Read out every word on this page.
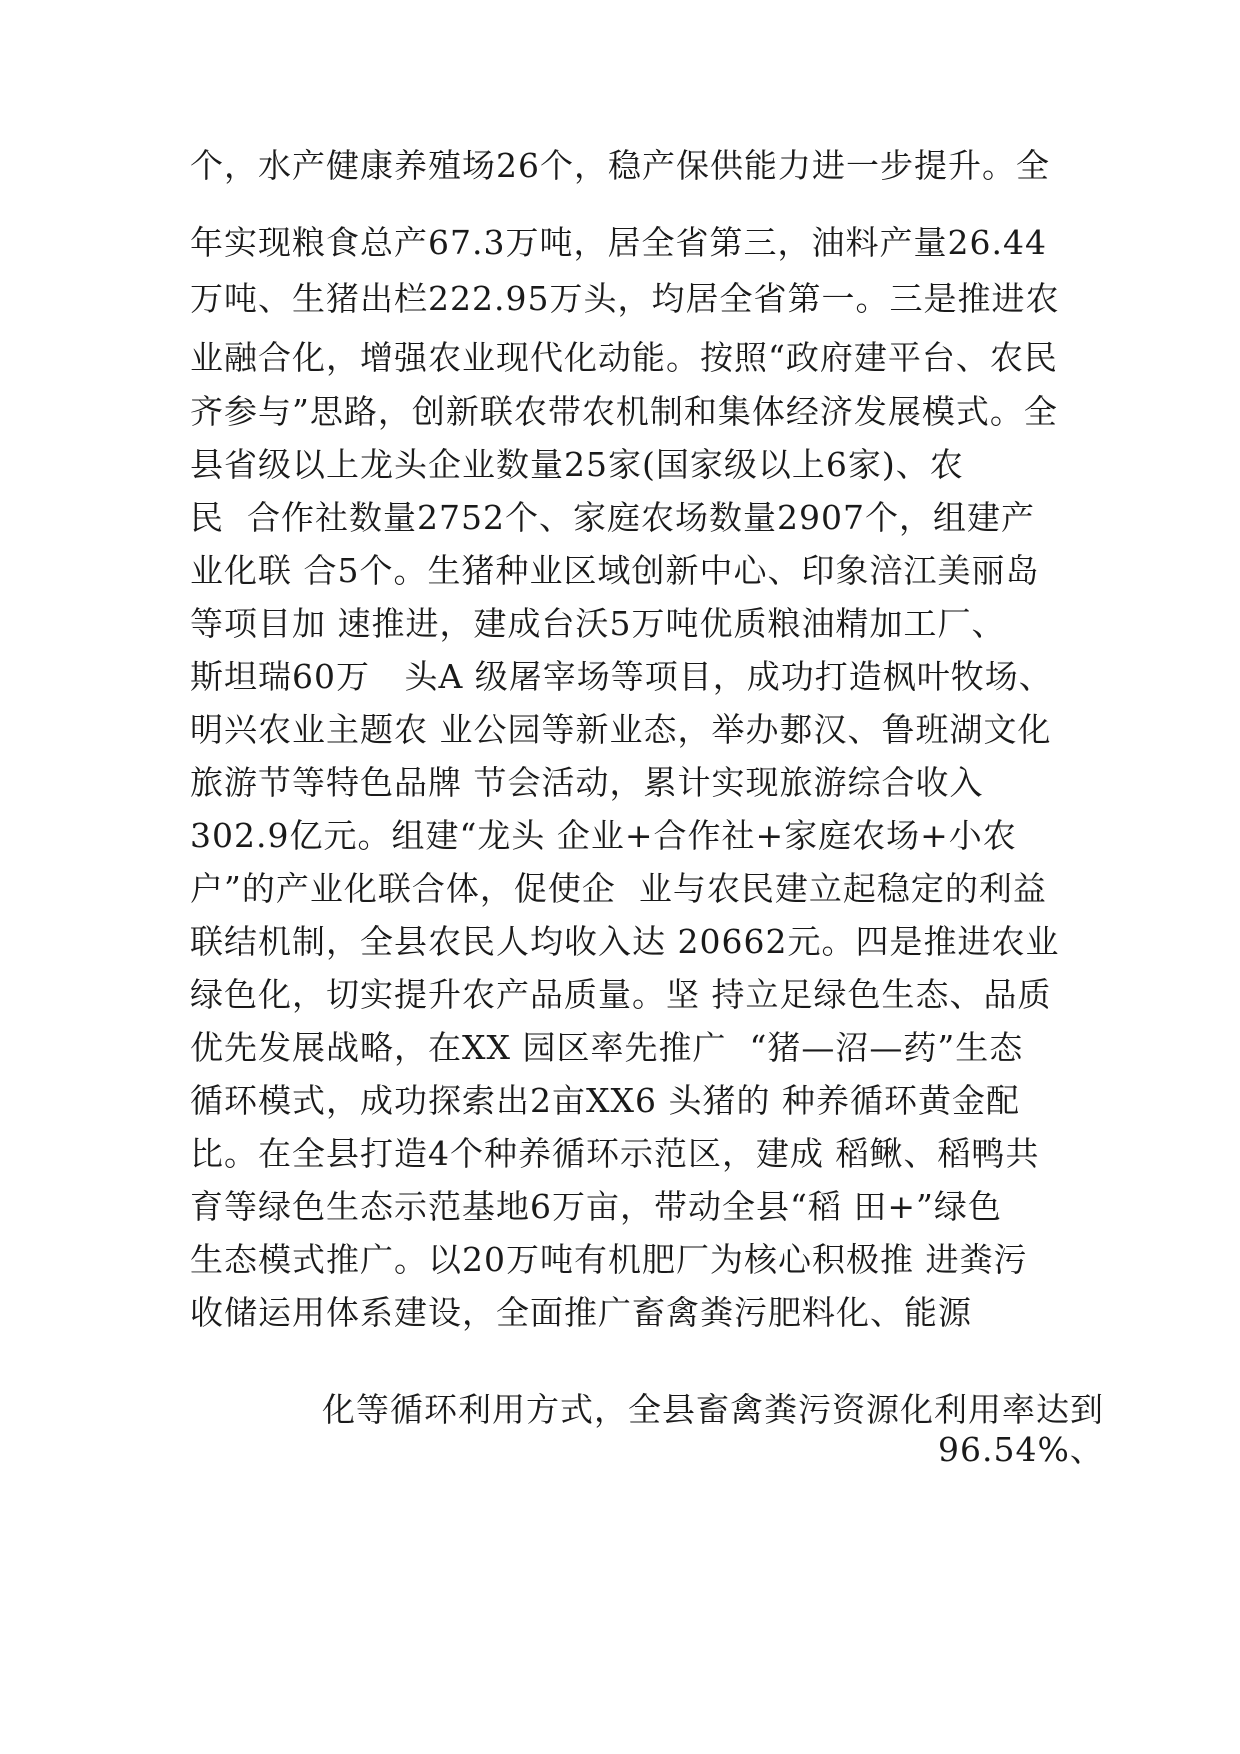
个，水产健康养殖场26个，稳产保供能力进一步提升。全
年实现粮食总产67.3万吨，居全省第三，油料产量26.44
万吨、生猪出栏222.95万头，均居全省第一。三是推进农
业融合化，增强农业现代化动能。按照“政府建平台、农民
齐参与”思路，创新联农带农机制和集体经济发展模式。全
县省级以上龙头企业数量25家(国家级以上6家)、农
民  合作社数量2752个、家庭农场数量2907个，组建产
业化联 合5个。生猪种业区域创新中心、印象涪江美丽岛
等项目加 速推进，建成台沃5万吨优质粮油精加工厂、
斯坦瑞60万   头A 级屠宰场等项目，成功打造枫叶牧场、
明兴农业主题农 业公园等新业态，举办郪汉、鲁班湖文化
旅游节等特色品牌 节会活动，累计实现旅游综合收入
302.9亿元。组建“龙头 企业+合作社+家庭农场+小农
户”的产业化联合体，促使企  业与农民建立起稳定的利益
联结机制，全县农民人均收入达 20662元。四是推进农业
绿色化，切实提升农产品质量。坚 持立足绿色生态、品质
优先发展战略，在XX 园区率先推广  “猪—沼—药”生态
循环模式，成功探索出2亩XX6 头猪的 种养循环黄金配
比。在全县打造4个种养循环示范区，建成 稻鳅、稻鸭共
育等绿色生态示范基地6万亩，带动全县“稻 田+”绿色
生态模式推广。以20万吨有机肥厂为核心积极推 进粪污
收储运用体系建设，全面推广畜禽粪污肥料化、能源
化等循环利用方式，全县畜禽粪污资源化利用率达到
96.54%、
